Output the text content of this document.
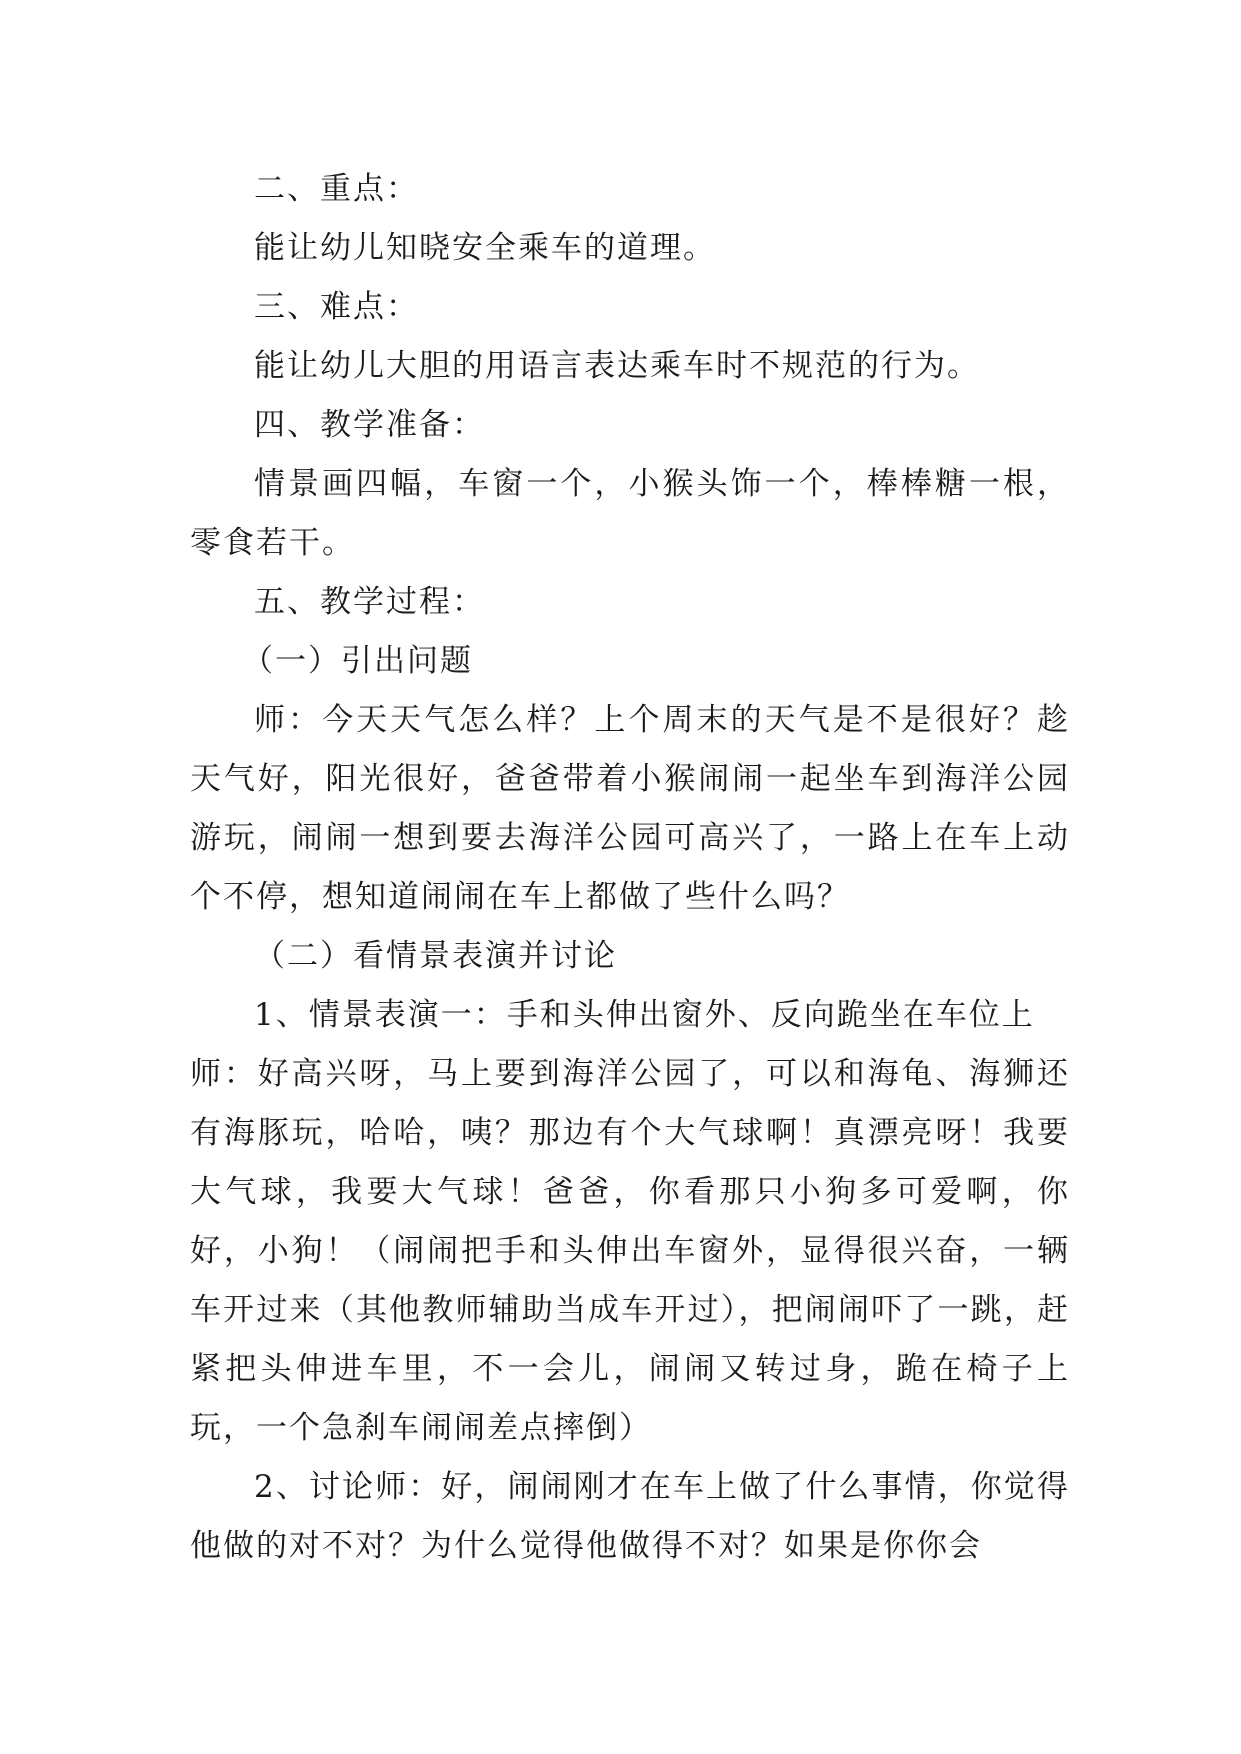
二、重点：

能让幼儿知晓安全乘车的道理。

三、难点：

能让幼儿大胆的用语言表达乘车时不规范的行为。

四、教学准备：

情景画四幅，车窗一个，小猴头饰一个，棒棒糖一根，零食若干。

五、教学过程：

（一）引出问题

师：今天天气怎么样？上个周末的天气是不是很好？趁天气好，阳光很好，爸爸带着小猴闹闹一起坐车到海洋公园游玩，闹闹一想到要去海洋公园可高兴了，一路上在车上动个不停，想知道闹闹在车上都做了些什么吗？

（二）看情景表演并讨论

1、情景表演一：手和头伸出窗外、反向跪坐在车位上

师：好高兴呀，马上要到海洋公园了，可以和海龟、海狮还有海豚玩，哈哈，咦？那边有个大气球啊！真漂亮呀！我要大气球，我要大气球！爸爸，你看那只小狗多可爱啊，你好，小狗！（闹闹把手和头伸出车窗外，显得很兴奋，一辆车开过来（其他教师辅助当成车开过），把闹闹吓了一跳，赶紧把头伸进车里，不一会儿，闹闹又转过身，跪在椅子上玩，一个急刹车闹闹差点摔倒）

2、讨论师：好，闹闹刚才在车上做了什么事情，你觉得他做的对不对？为什么觉得他做得不对？如果是你你会
